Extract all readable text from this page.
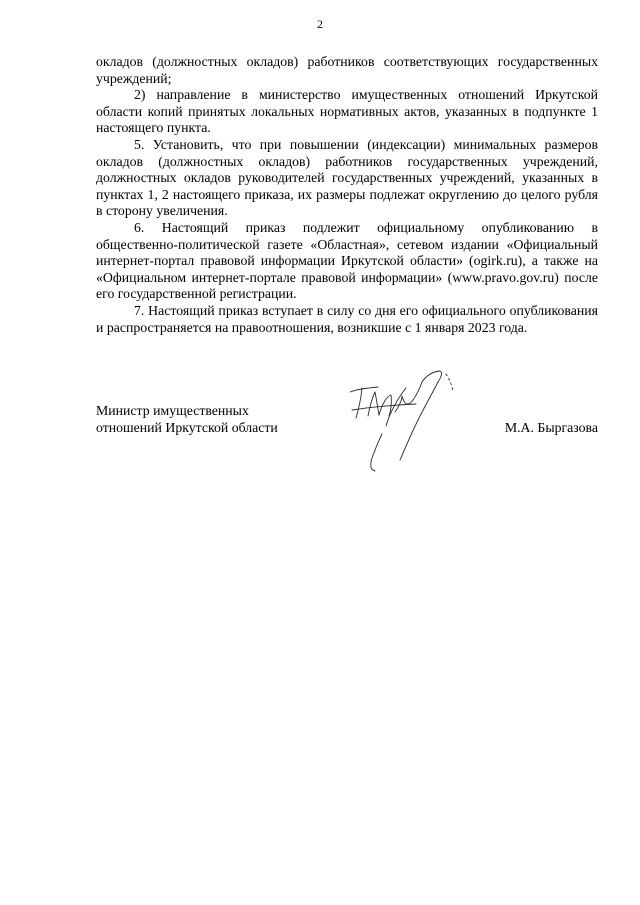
2

окладов (должностных окладов) работников соответствующих государственных учреждений;

2) направление в министерство имущественных отношений Иркутской области копий принятых локальных нормативных актов, указанных в подпункте 1 настоящего пункта.

5. Установить, что при повышении (индексации) минимальных размеров окладов (должностных окладов) работников государственных учреждений, должностных окладов руководителей государственных учреждений, указанных в пунктах 1, 2 настоящего приказа, их размеры подлежат округлению до целого рубля в сторону увеличения.

6. Настоящий приказ подлежит официальному опубликованию в общественно-политической газете «Областная», сетевом издании «Официальный интернет-портал правовой информации Иркутской области» (ogirk.ru), а также на «Официальном интернет-портале правовой информации» (www.pravo.gov.ru) после его государственной регистрации.

7. Настоящий приказ вступает в силу со дня его официального опубликования и распространяется на правоотношения, возникшие с 1 января 2023 года.

Министр имущественных
отношений Иркутской области	М.А. Быргазова
